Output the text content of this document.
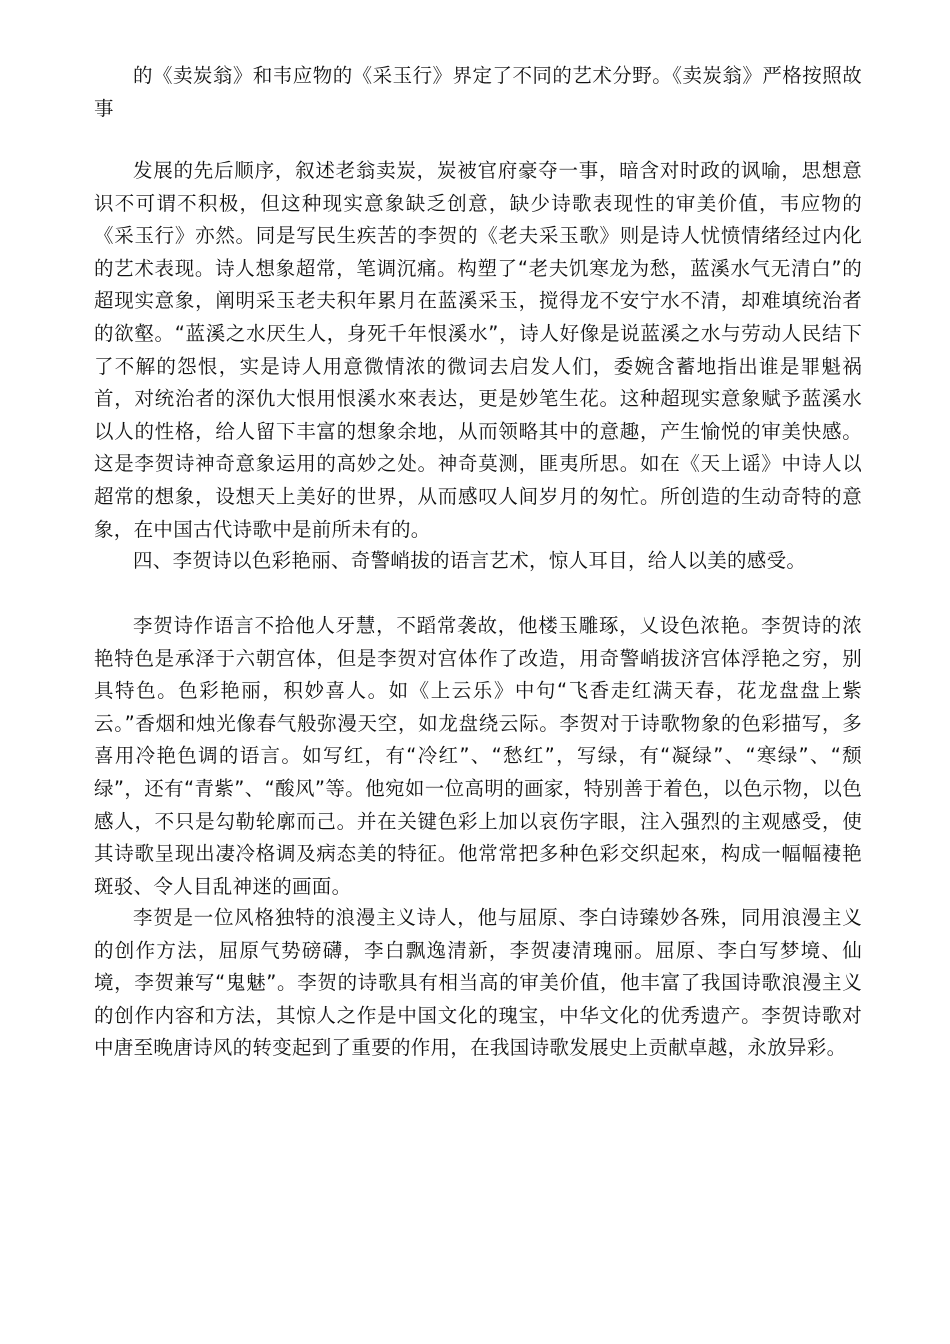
的《卖炭翁》和韦应物的《采玉行》界定了不同的艺术分野。《卖炭翁》严格按照故事

发展的先后顺序，叙述老翁卖炭，炭被官府豪夺一事，暗含对时政的讽喻，思想意识不可谓不积极，但这种现实意象缺乏创意，缺少诗歌表现性的审美价值，韦应物的《采玉行》亦然。同是写民生疾苦的李贺的《老夫采玉歌》则是诗人忧愤情绪经过内化的艺术表现。诗人想象超常，笔调沉痛。构塑了“老夫饥寒龙为愁，蓝溪水气无清白”的超现实意象，阐明采玉老夫积年累月在蓝溪采玉，搅得龙不安宁水不清，却难填统治者的欲壑。“蓝溪之水厌生人，身死千年恨溪水”，诗人好像是说蓝溪之水与劳动人民结下了不解的怨恨，实是诗人用意微情浓的微词去启发人们，委婉含蓄地指出谁是罪魁祸首，对统治者的深仇大恨用恨溪水來表达，更是妙笔生花。这种超现实意象赋予蓝溪水以人的性格，给人留下丰富的想象余地，从而领略其中的意趣，产生愉悦的审美快感。这是李贺诗神奇意象运用的高妙之处。神奇莫测，匪夷所思。如在《天上谣》中诗人以超常的想象，设想天上美好的世界，从而感叹人间岁月的匆忙。所创造的生动奇特的意象，在中国古代诗歌中是前所未有的。

四、李贺诗以色彩艳丽、奇警峭拔的语言艺术，惊人耳目，给人以美的感受。

李贺诗作语言不拾他人牙慧，不蹈常袭故，他楼玉雕琢，乂设色浓艳。李贺诗的浓艳特色是承泽于六朝宫体，但是李贺对宫体作了改造，用奇警峭拔济宫体浮艳之穷，别具特色。色彩艳丽，积妙喜人。如《上云乐》中句“飞香走红满天春，花龙盘盘上紫云。”香烟和烛光像春气般弥漫天空，如龙盘绕云际。李贺对于诗歌物象的色彩描写，多喜用冷艳色调的语言。如写红，有“冷红”、“愁红”，写绿，有“凝绿”、“寒绿”、“颓绿”，还有“青紫”、“酸风”等。他宛如一位高明的画家，特别善于着色，以色示物，以色感人，不只是勾勒轮廓而己。并在关键色彩上加以哀伤字眼，注入强烈的主观感受，使其诗歌呈现出凄冷格调及病态美的特征。他常常把多种色彩交织起來，构成一幅幅褄艳斑驳、令人目乱神迷的画面。

李贺是一位风格独特的浪漫主义诗人，他与屈原、李白诗臻妙各殊，同用浪漫主义的创作方法，屈原气势磅礴，李白飘逸清新，李贺凄清瑰丽。屈原、李白写梦境、仙境，李贺兼写“鬼魅”。李贺的诗歌具有相当高的审美价值，他丰富了我国诗歌浪漫主义的创作内容和方法，其惊人之作是中国文化的瑰宝，中华文化的优秀遗产。李贺诗歌对中唐至晚唐诗风的转变起到了重要的作用，在我国诗歌发展史上贡献卓越，永放异彩。
